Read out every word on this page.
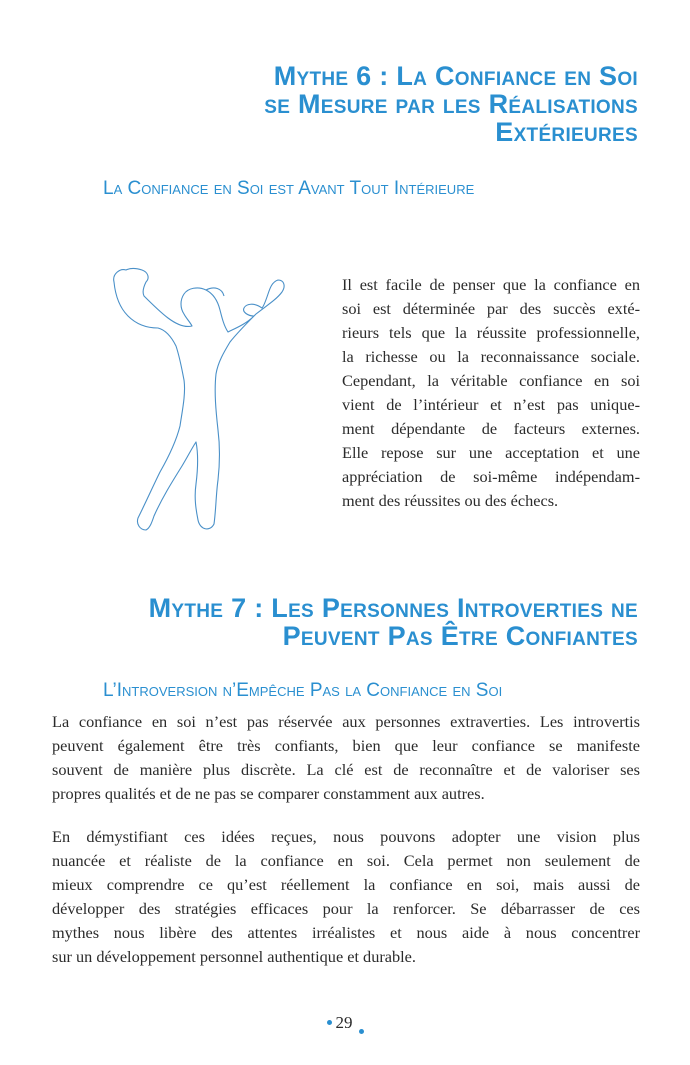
Mythe 6 : La Confiance en Soi
se Mesure par les Réalisations
Extérieures
La Confiance en Soi est Avant Tout Intérieure

Il est facile de penser que la confiance en
soi est déterminée par des succès exté-
rieurs tels que la réussite professionnelle,
la richesse ou la reconnaissance sociale.
Cependant, la véritable confiance en soi
vient de l’intérieur et n’est pas unique-
ment dépendante de facteurs externes.
Elle repose sur une acceptation et une
appréciation de soi-même indépendam-
ment des réussites ou des échecs.

Mythe 7 : Les Personnes Introverties ne
Peuvent Pas Être Confiantes
L’Introversion n’Empêche Pas la Confiance en Soi

La confiance en soi n’est pas réservée aux personnes extraverties. Les introvertis
peuvent également être très confiants, bien que leur confiance se manifeste
souvent de manière plus discrète. La clé est de reconnaître et de valoriser ses
propres qualités et de ne pas se comparer constamment aux autres.

En démystifiant ces idées reçues, nous pouvons adopter une vision plus
nuancée et réaliste de la confiance en soi. Cela permet non seulement de
mieux comprendre ce qu’est réellement la confiance en soi, mais aussi de
développer des stratégies efficaces pour la renforcer. Se débarrasser de ces
mythes nous libère des attentes irréalistes et nous aide à nous concentrer
sur un développement personnel authentique et durable.

29
